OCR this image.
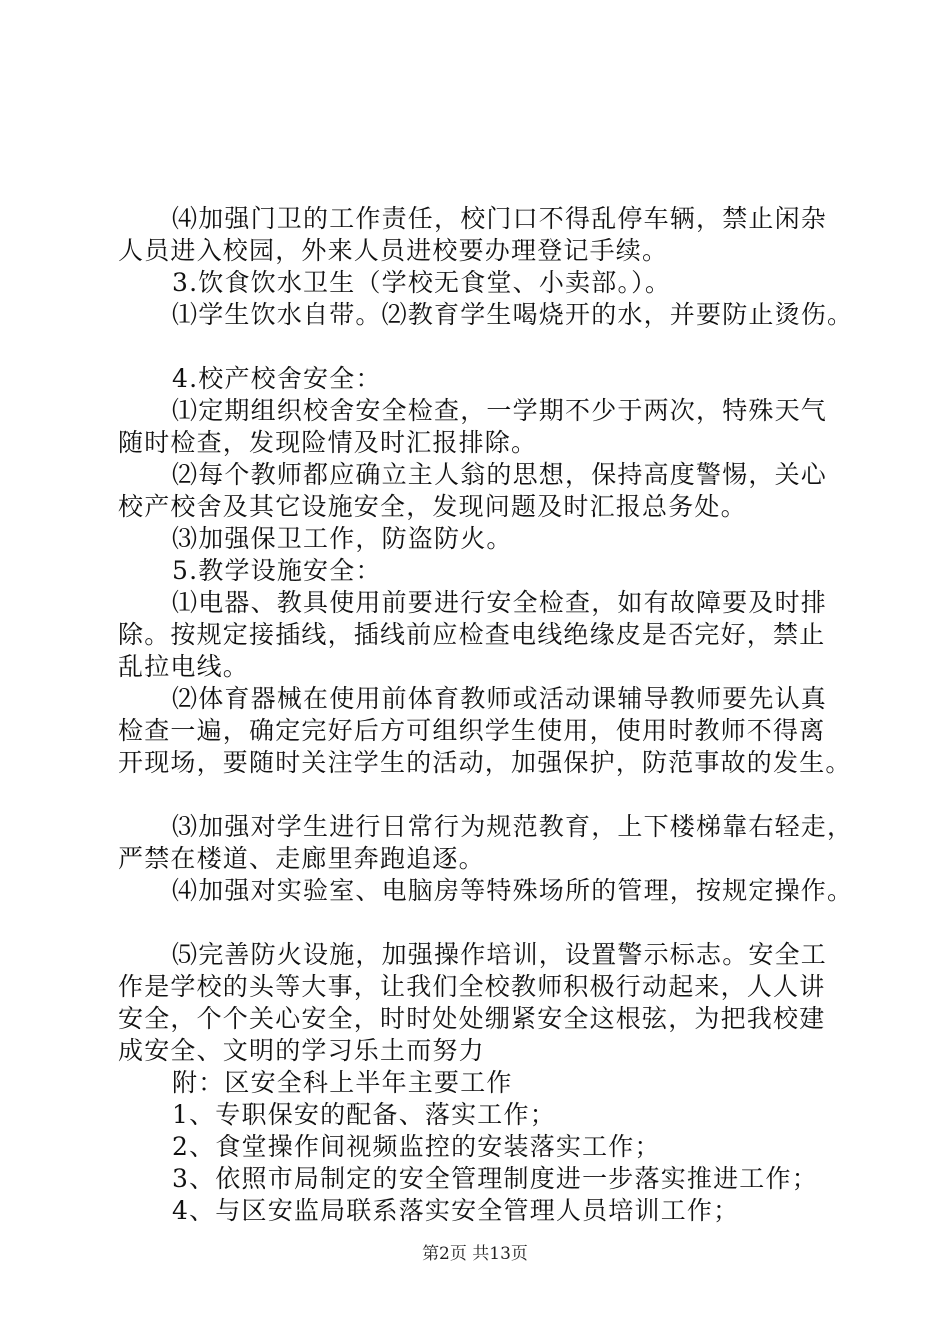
⑷加强门卫的工作责任，校门口不得乱停车辆，禁止闲杂
人员进入校园，外来人员进校要办理登记手续。
3.饮食饮水卫生（学校无食堂、小卖部。）。
⑴学生饮水自带。⑵教育学生喝烧开的水，并要防止烫伤。
4.校产校舍安全：
⑴定期组织校舍安全检查，一学期不少于两次，特殊天气
随时检查，发现险情及时汇报排除。
⑵每个教师都应确立主人翁的思想，保持高度警惕，关心
校产校舍及其它设施安全，发现问题及时汇报总务处。
⑶加强保卫工作，防盗防火。
5.教学设施安全：
⑴电器、教具使用前要进行安全检查，如有故障要及时排
除。按规定接插线，插线前应检查电线绝缘皮是否完好，禁止
乱拉电线。
⑵体育器械在使用前体育教师或活动课辅导教师要先认真
检查一遍，确定完好后方可组织学生使用，使用时教师不得离
开现场，要随时关注学生的活动，加强保护，防范事故的发生。
⑶加强对学生进行日常行为规范教育，上下楼梯靠右轻走，
严禁在楼道、走廊里奔跑追逐。
⑷加强对实验室、电脑房等特殊场所的管理，按规定操作。
⑸完善防火设施，加强操作培训，设置警示标志。安全工
作是学校的头等大事，让我们全校教师积极行动起来，人人讲
安全，个个关心安全，时时处处绷紧安全这根弦，为把我校建
成安全、文明的学习乐土而努力
附：区安全科上半年主要工作
1、专职保安的配备、落实工作；
2、食堂操作间视频监控的安装落实工作；
3、依照市局制定的安全管理制度进一步落实推进工作；
4、与区安监局联系落实安全管理人员培训工作；
第2页 共13页
